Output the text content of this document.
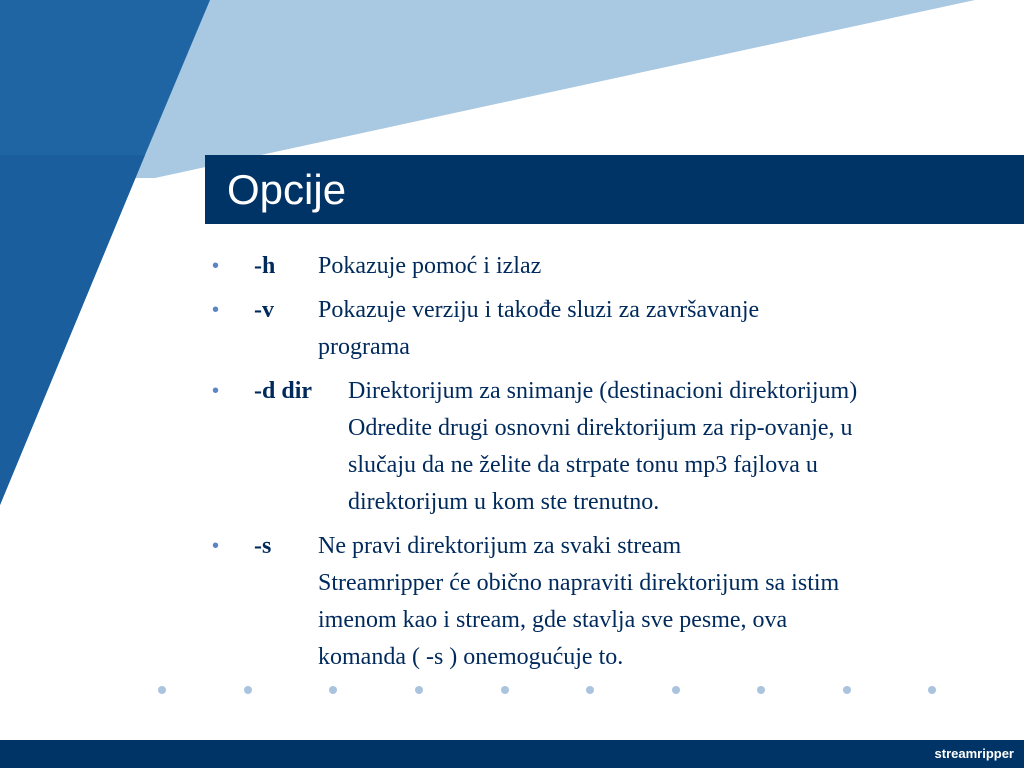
Opcije
• -h Pokazuje pomoć i izlaz
• -v Pokazuje verziju i takođe sluzi za završavanje
programa
• -d dir Direktorijum za snimanje (destinacioni direktorijum)
Odredite drugi osnovni direktorijum za rip-ovanje, u
slučaju da ne želite da strpate tonu mp3 fajlova u
direktorijum u kom ste trenutno.
• -s Ne pravi direktorijum za svaki stream
Streamripper će obično napraviti direktorijum sa istim
imenom kao i stream, gde stavlja sve pesme, ova
komanda ( -s ) onemogućuje to.
streamripper
